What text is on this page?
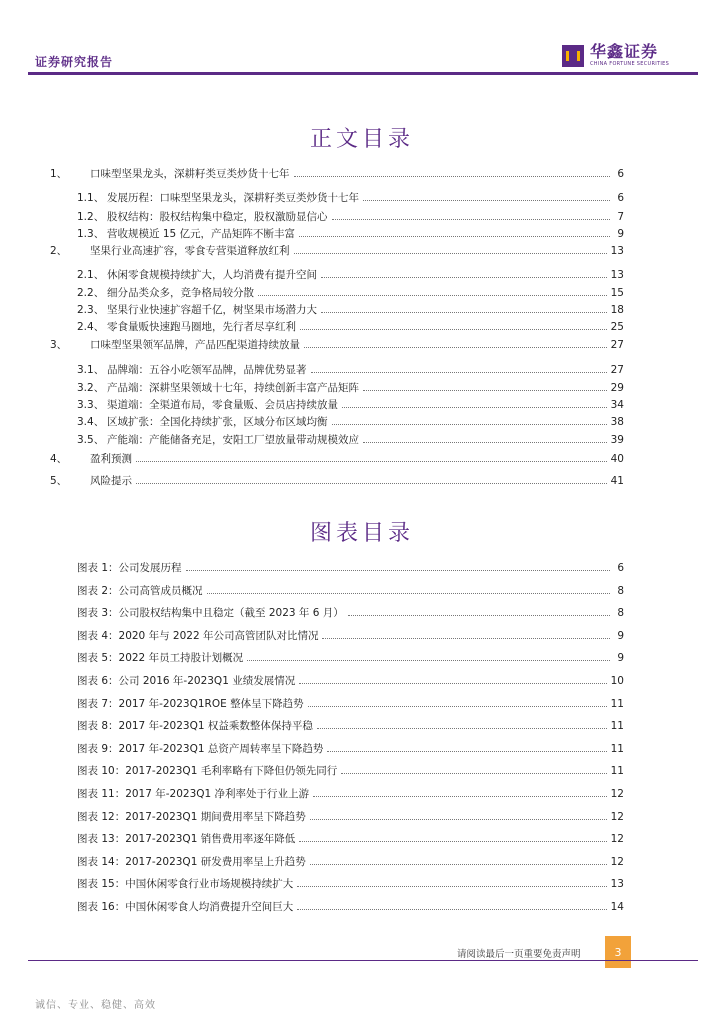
证券研究报告
华鑫证券
CHINA FORTUNE SECURITIES
正文目录
1、	口味型坚果龙头，深耕籽类豆类炒货十七年	6
1.1、 发展历程：口味型坚果龙头，深耕籽类豆类炒货十七年	6
1.2、 股权结构：股权结构集中稳定，股权激励显信心	7
1.3、 营收规模近 15 亿元，产品矩阵不断丰富	9
2、	坚果行业高速扩容，零食专营渠道释放红利	13
2.1、 休闲零食规模持续扩大，人均消费有提升空间	13
2.2、 细分品类众多，竞争格局较分散	15
2.3、 坚果行业快速扩容超千亿，树坚果市场潜力大	18
2.4、 零食量贩快速跑马圈地，先行者尽享红利	25
3、	口味型坚果领军品牌，产品匹配渠道持续放量	27
3.1、 品牌端：五谷小吃领军品牌，品牌优势显著	27
3.2、 产品端：深耕坚果领域十七年，持续创新丰富产品矩阵	29
3.3、 渠道端：全渠道布局，零食量贩、会员店持续放量	34
3.4、 区域扩张：全国化持续扩张，区域分布区域均衡	38
3.5、 产能端：产能储备充足，安阳工厂望放量带动规模效应	39
4、	盈利预测	40
5、	风险提示	41
图表目录
图表 1：公司发展历程	6
图表 2：公司高管成员概况	8
图表 3：公司股权结构集中且稳定（截至 2023 年 6 月）	8
图表 4：2020 年与 2022 年公司高管团队对比情况	9
图表 5：2022 年员工持股计划概况	9
图表 6：公司 2016 年-2023Q1 业绩发展情况	10
图表 7：2017 年-2023Q1ROE 整体呈下降趋势	11
图表 8：2017 年-2023Q1 权益乘数整体保持平稳	11
图表 9：2017 年-2023Q1 总资产周转率呈下降趋势	11
图表 10：2017-2023Q1 毛利率略有下降但仍领先同行	11
图表 11：2017 年-2023Q1 净利率处于行业上游	12
图表 12：2017-2023Q1 期间费用率呈下降趋势	12
图表 13：2017-2023Q1 销售费用率逐年降低	12
图表 14：2017-2023Q1 研发费用率呈上升趋势	12
图表 15：中国休闲零食行业市场规模持续扩大	13
图表 16：中国休闲零食人均消费提升空间巨大	14
请阅读最后一页重要免责声明	3
诚信、专业、稳健、高效
